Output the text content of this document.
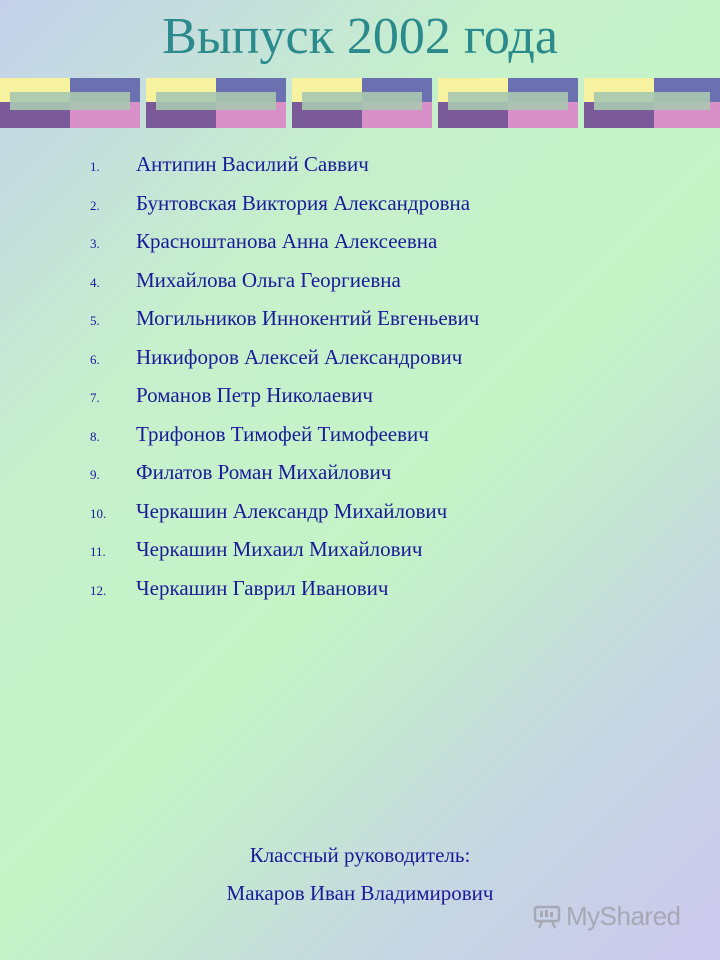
Выпуск 2002 года
1.	Антипин Василий Саввич
2.	Бунтовская Виктория Александровна
3.	Красноштанова Анна Алексеевна
4.	Михайлова Ольга Георгиевна
5.	Могильников Иннокентий Евгеньевич
6.	Никифоров Алексей Александрович
7.	Романов Петр Николаевич
8.	Трифонов Тимофей Тимофеевич
9.	Филатов Роман Михайлович
10.	Черкашин Александр Михайлович
11.	Черкашин Михаил Михайлович
12.	Черкашин Гаврил Иванович
Классный руководитель:
Макаров Иван Владимирович
MyShared
